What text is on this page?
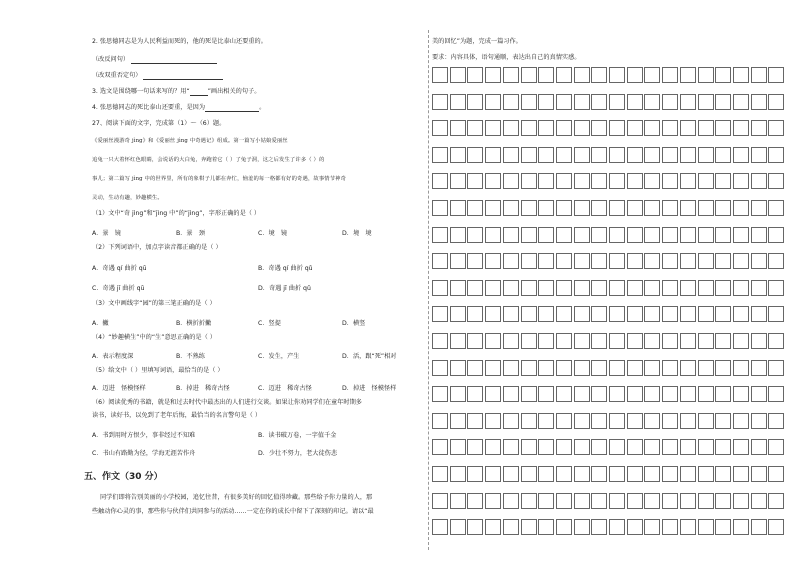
2. 张思德同志是为人民利益而死的，他的死是比泰山还要重的。
（改反问句）
（改双重否定句）
3. 选文是围绕哪一句话来写的？用“	”画出相关的句子。
4. 张思德同志的死比泰山还要重，是因为	。
27、阅读下面的文字，完成第（1）～（6）题。
《爱丽丝漫游奇 jìng》和《爱丽丝 jìng 中奇遇记》组成。第一篇写小姑娘爱丽丝
追兔一只大着怀红色眼睛，会说话的大白兔，奔跑着它（ ）了兔子洞，这之后发生了许多（ ）的
事儿；第二篇写 jìng 中的世界里，所有的象棋子儿都在奔忙，恼羞的每一格都有好的奇遇，故事情节神奇
灵动，生动有趣，妙趣横生。
（1）文中“奇 jìng”和“jìng 中”的“jìng”，字形正确的是（ ）
A．景　镜	B．景　颈	C．境　镜	D．境　境
（2）下列词语中，加点字读音都正确的是（ ）
A．奇遇 qí 曲折 qū	B．奇遇 qí 曲折 qǔ
C．奇遇 jī 曲折 qū	D．奇遇 jī 曲折 qǔ
（3）文中画线字“园”的第三笔正确的是（ ）
A．撇	B．横折折撇	C．竖提	D．横竖
（4）“妙趣横生”中的“生”意思正确的是（ ）
A．表示程度深	B．不熟练	C．发生，产生	D．活，跟“死”相对
（5）给文中（ ）里填写词语，最恰当的是（ ）
A．迈进　怪模怪样	B．掉进　稀奇古怪	C．迈进　稀奇古怪	D．掉进　怪模怪样
（6）阅读优秀的书籍，就是和过去时代中最杰出的人们进行交谈。如果让你劝同学们在童年时期多
读书，读好书，以免到了老年后悔，最恰当的名言警句是（ ）
A．书到用时方恨少，事非经过不知难	B．读书破万卷，一字值千金
C．书山有路勤为径，学海无涯苦作舟	D．少壮不努力，老大徒伤悲
五、作文（30 分）
同学们即将告别美丽的小学校园，追忆往昔，有很多美好的回忆值得珍藏。那些给予你力量的人，那
些触动你心灵的事，那些你与伙伴们共同参与的活动……一定在你的成长中留下了深刻的印记。请以“最
美的回忆”为题，完成一篇习作。
要求：内容具体，语句通顺，表达出自己的真情实感。
